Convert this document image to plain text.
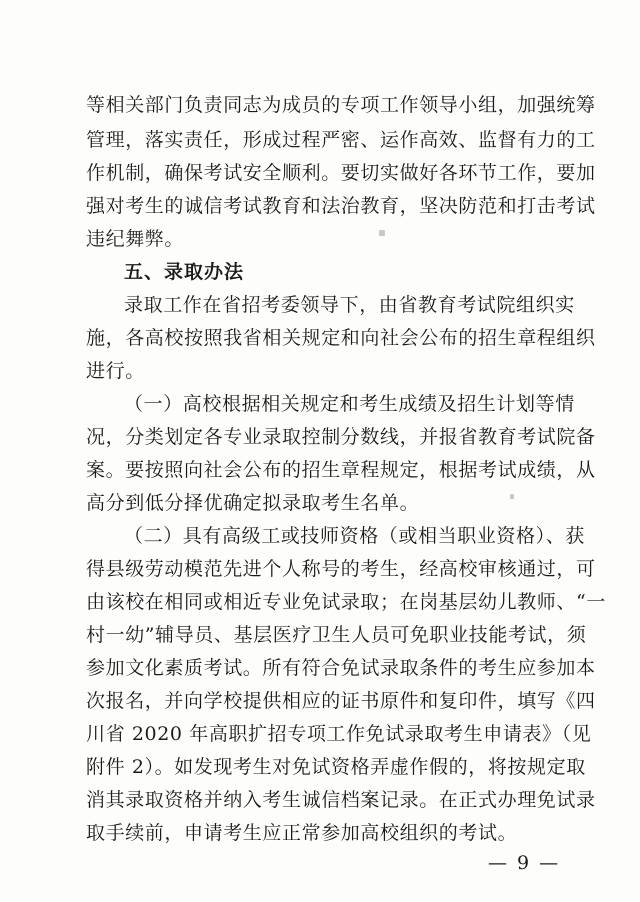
等相关部门负责同志为成员的专项工作领导小组，加强统筹
管理，落实责任，形成过程严密、运作高效、监督有力的工
作机制，确保考试安全顺利。要切实做好各环节工作，要加
强对考生的诚信考试教育和法治教育，坚决防范和打击考试
违纪舞弊。
五、录取办法
录取工作在省招考委领导下，由省教育考试院组织实
施，各高校按照我省相关规定和向社会公布的招生章程组织
进行。
（一）高校根据相关规定和考生成绩及招生计划等情
况，分类划定各专业录取控制分数线，并报省教育考试院备
案。要按照向社会公布的招生章程规定，根据考试成绩，从
高分到低分择优确定拟录取考生名单。
（二）具有高级工或技师资格（或相当职业资格）、获
得县级劳动模范先进个人称号的考生，经高校审核通过，可
由该校在相同或相近专业免试录取；在岗基层幼儿教师、“一
村一幼”辅导员、基层医疗卫生人员可免职业技能考试，须
参加文化素质考试。所有符合免试录取条件的考生应参加本
次报名，并向学校提供相应的证书原件和复印件，填写《四
川省 2020 年高职扩招专项工作免试录取考生申请表》（见
附件 2）。如发现考生对免试资格弄虚作假的，将按规定取
消其录取资格并纳入考生诚信档案记录。在正式办理免试录
取手续前，申请考生应正常参加高校组织的考试。
— 9 —
